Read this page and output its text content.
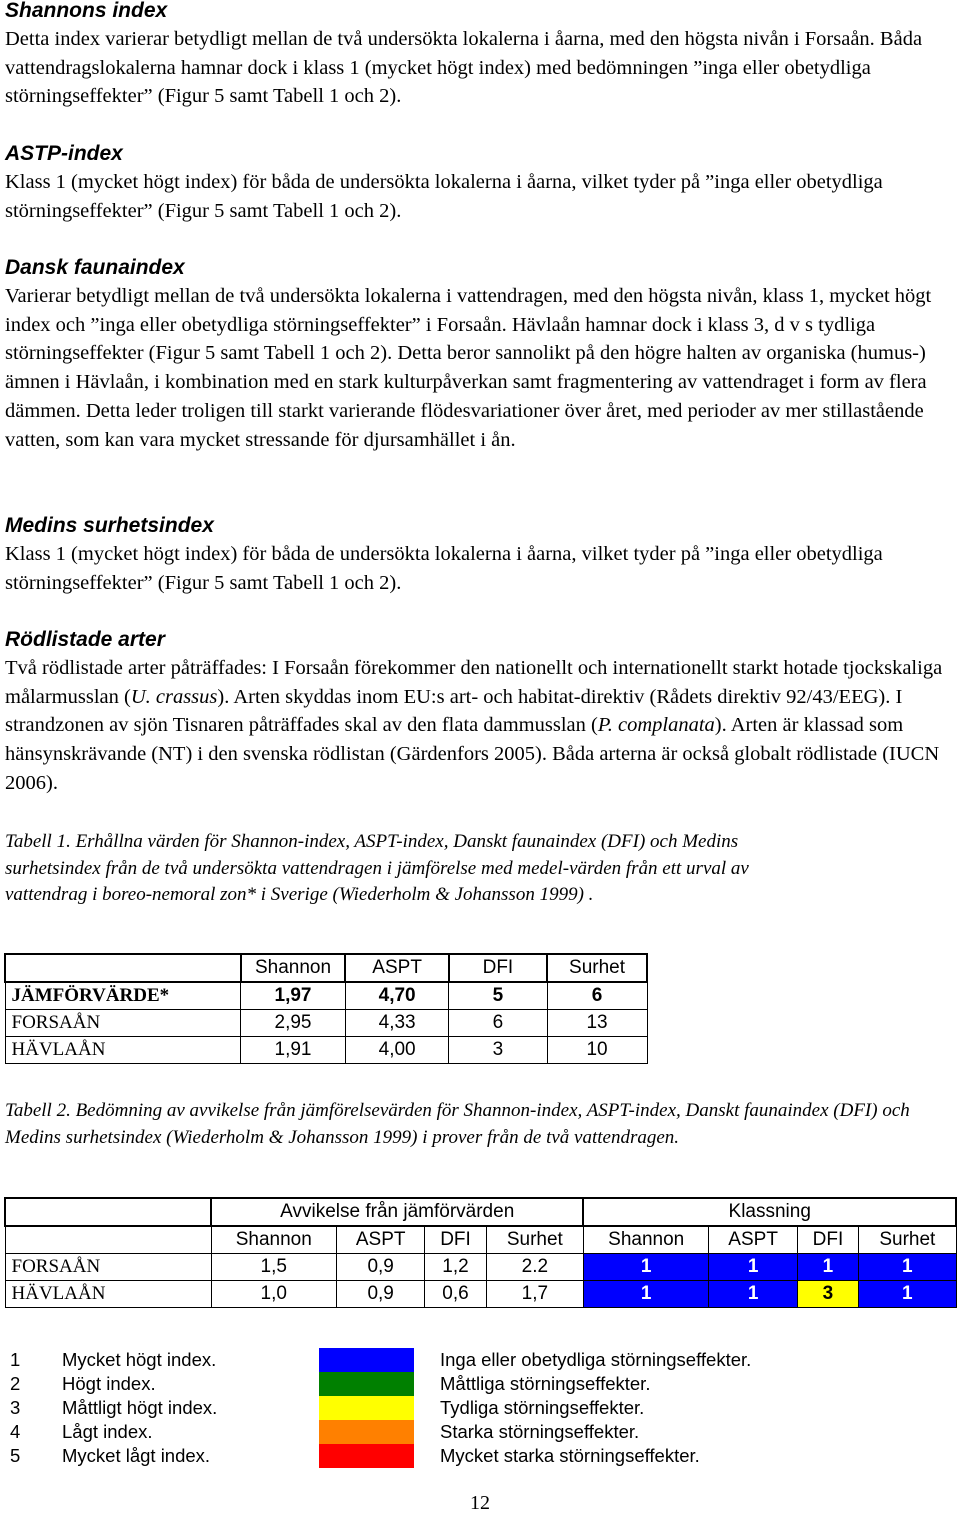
Shannons index

Detta index varierar betydligt mellan de två undersökta lokalerna i åarna, med den högsta nivån i Forsaån. Båda vattendragslokalerna hamnar dock i klass 1 (mycket högt index) med bedömningen ”inga eller obetydliga störningseffekter” (Figur 5 samt Tabell 1 och 2).

ASTP-index

Klass 1 (mycket högt index) för båda de undersökta lokalerna i åarna, vilket tyder på ”inga eller obetydliga störningseffekter” (Figur 5 samt Tabell 1 och 2).

Dansk faunaindex

Varierar betydligt mellan de två undersökta lokalerna i vattendragen, med den högsta nivån, klass 1, mycket högt index och ”inga eller obetydliga störningseffekter” i Forsaån. Hävlaån hamnar dock i klass 3, d v s tydliga störningseffekter (Figur 5 samt Tabell 1 och 2). Detta beror sannolikt på den högre halten av organiska (humus-) ämnen i Hävlaån, i kombination med en stark kulturpåverkan samt fragmentering av vattendraget i form av flera dämmen. Detta leder troligen till starkt varierande flödesvariationer över året, med perioder av mer stillastående vatten, som kan vara mycket stressande för djursamhället i ån.

Medins surhetsindex

Klass 1 (mycket högt index) för båda de undersökta lokalerna i åarna, vilket tyder på ”inga eller obetydliga störningseffekter” (Figur 5 samt Tabell 1 och 2).

Rödlistade arter

Två rödlistade arter påträffades: I Forsaån förekommer den nationellt och internationellt starkt hotade tjockskaliga målarmusslan (U. crassus). Arten skyddas inom EU:s art- och habitat-direktiv (Rådets direktiv 92/43/EEG). I strandzonen av sjön Tisnaren påträffades skal av den flata dammusslan (P. complanata). Arten är klassad som hänsynskrävande (NT) i den svenska rödlistan (Gärdenfors 2005). Båda arterna är också globalt rödlistade (IUCN 2006).

Tabell 1. Erhållna värden för Shannon-index, ASPT-index, Danskt faunaindex (DFI) och Medins surhetsindex från de två undersökta vattendragen i jämförelse med medel-värden från ett urval av vattendrag i boreo-nemoral zon* i Sverige (Wiederholm & Johansson 1999) .

	Shannon	ASPT	DFI	Surhet
JÄMFÖRVÄRDE*	1,97	4,70	5	6
FORSAÅN	2,95	4,33	6	13
HÄVLAÅN	1,91	4,00	3	10

Tabell 2. Bedömning av avvikelse från jämförelsevärden för Shannon-index, ASPT-index, Danskt faunaindex (DFI) och Medins surhetsindex (Wiederholm & Johansson 1999) i prover från de två vattendragen.

	Avvikelse från jämförvärden				Klassning			
	Shannon	ASPT	DFI	Surhet	Shannon	ASPT	DFI	Surhet
FORSAÅN	1,5	0,9	1,2	2.2	1	1	1	1
HÄVLAÅN	1,0	0,9	0,6	1,7	1	1	3	1
1	Mycket högt index.	Inga eller obetydliga störningseffekter.
2	Högt index.	Måttliga störningseffekter.
3	Måttligt högt index.	Tydliga störningseffekter.
4	Lågt index.	Starka störningseffekter.
5	Mycket lågt index.	Mycket starka störningseffekter.
12
